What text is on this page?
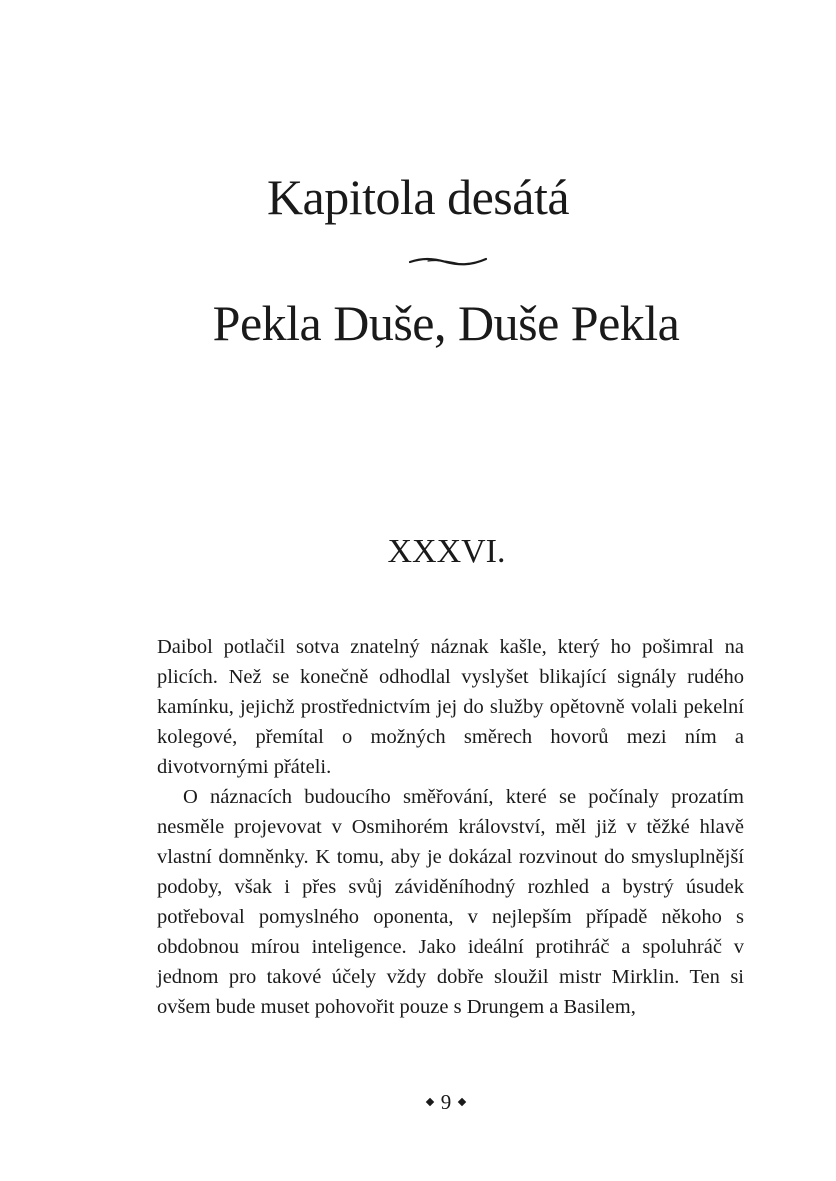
Kapitola desátá
Pekla Duše, Duše Pekla
XXXVI.

Daibol potlačil sotva znatelný náznak kašle, který ho pošimral na plicích. Než se konečně odhodlal vyslyšet blikající signály rudého kamínku, jejichž prostřednictvím jej do služby opětovně volali pekelní kolegové, přemítal o možných směrech hovorů mezi ním a divotvornými přáteli.

O náznacích budoucího směřování, které se počínaly prozatím nesměle projevovat v Osmihorém království, měl již v těžké hlavě vlastní domněnky. K tomu, aby je dokázal rozvinout do smysluplnější podoby, však i přes svůj záviděníhodný rozhled a bystrý úsudek potřeboval pomyslného oponenta, v nejlepším případě někoho s obdobnou mírou inteligence. Jako ideální protihráč a spoluhráč v jednom pro takové účely vždy dobře sloužil mistr Mirklin. Ten si ovšem bude muset pohovořit pouze s Drungem a Basilem,

9
